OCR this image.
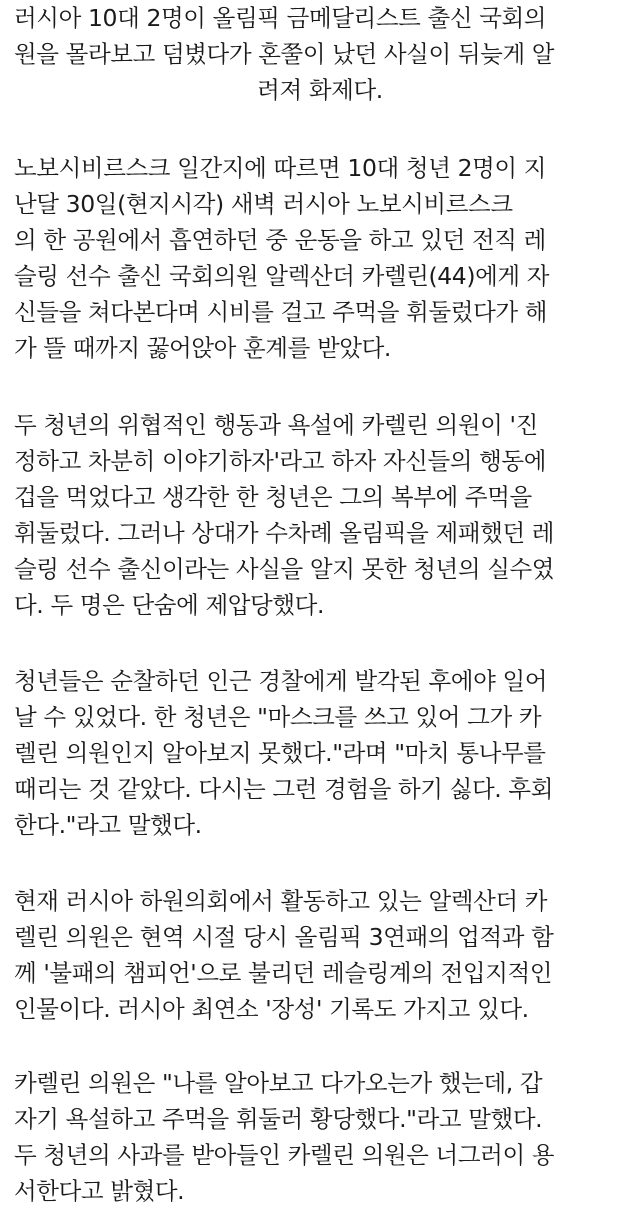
러시아 10대 2명이 올림픽 금메달리스트 출신 국회의
원을 몰라보고 덤볐다가 혼쭐이 났던 사실이 뒤늦게 알
려져 화제다.
노보시비르스크 일간지에 따르면 10대 청년 2명이 지
난달 30일(현지시각) 새벽 러시아 노보시비르스크
의 한 공원에서 흡연하던 중 운동을 하고 있던 전직 레
슬링 선수 출신 국회의원 알렉산더 카렐린(44)에게 자
신들을 쳐다본다며 시비를 걸고 주먹을 휘둘렀다가 해
가 뜰 때까지 꿇어앉아 훈계를 받았다.
두 청년의 위협적인 행동과 욕설에 카렐린 의원이 '진
정하고 차분히 이야기하자'라고 하자 자신들의 행동에
겁을 먹었다고 생각한 한 청년은 그의 복부에 주먹을
휘둘렀다. 그러나 상대가 수차례 올림픽을 제패했던 레
슬링 선수 출신이라는 사실을 알지 못한 청년의 실수였
다. 두 명은 단숨에 제압당했다.
청년들은 순찰하던 인근 경찰에게 발각된 후에야 일어
날 수 있었다. 한 청년은 "마스크를 쓰고 있어 그가 카
렐린 의원인지 알아보지 못했다."라며 "마치 통나무를
때리는 것 같았다. 다시는 그런 경험을 하기 싫다. 후회
한다."라고 말했다.
현재 러시아 하원의회에서 활동하고 있는 알렉산더 카
렐린 의원은 현역 시절 당시 올림픽 3연패의 업적과 함
께 '불패의 챔피언'으로 불리던 레슬링계의 전입지적인
인물이다. 러시아 최연소 '장성' 기록도 가지고 있다.
카렐린 의원은 "나를 알아보고 다가오는가 했는데, 갑
자기 욕설하고 주먹을 휘둘러 황당했다."라고 말했다.
두 청년의 사과를 받아들인 카렐린 의원은 너그러이 용
서한다고 밝혔다.
